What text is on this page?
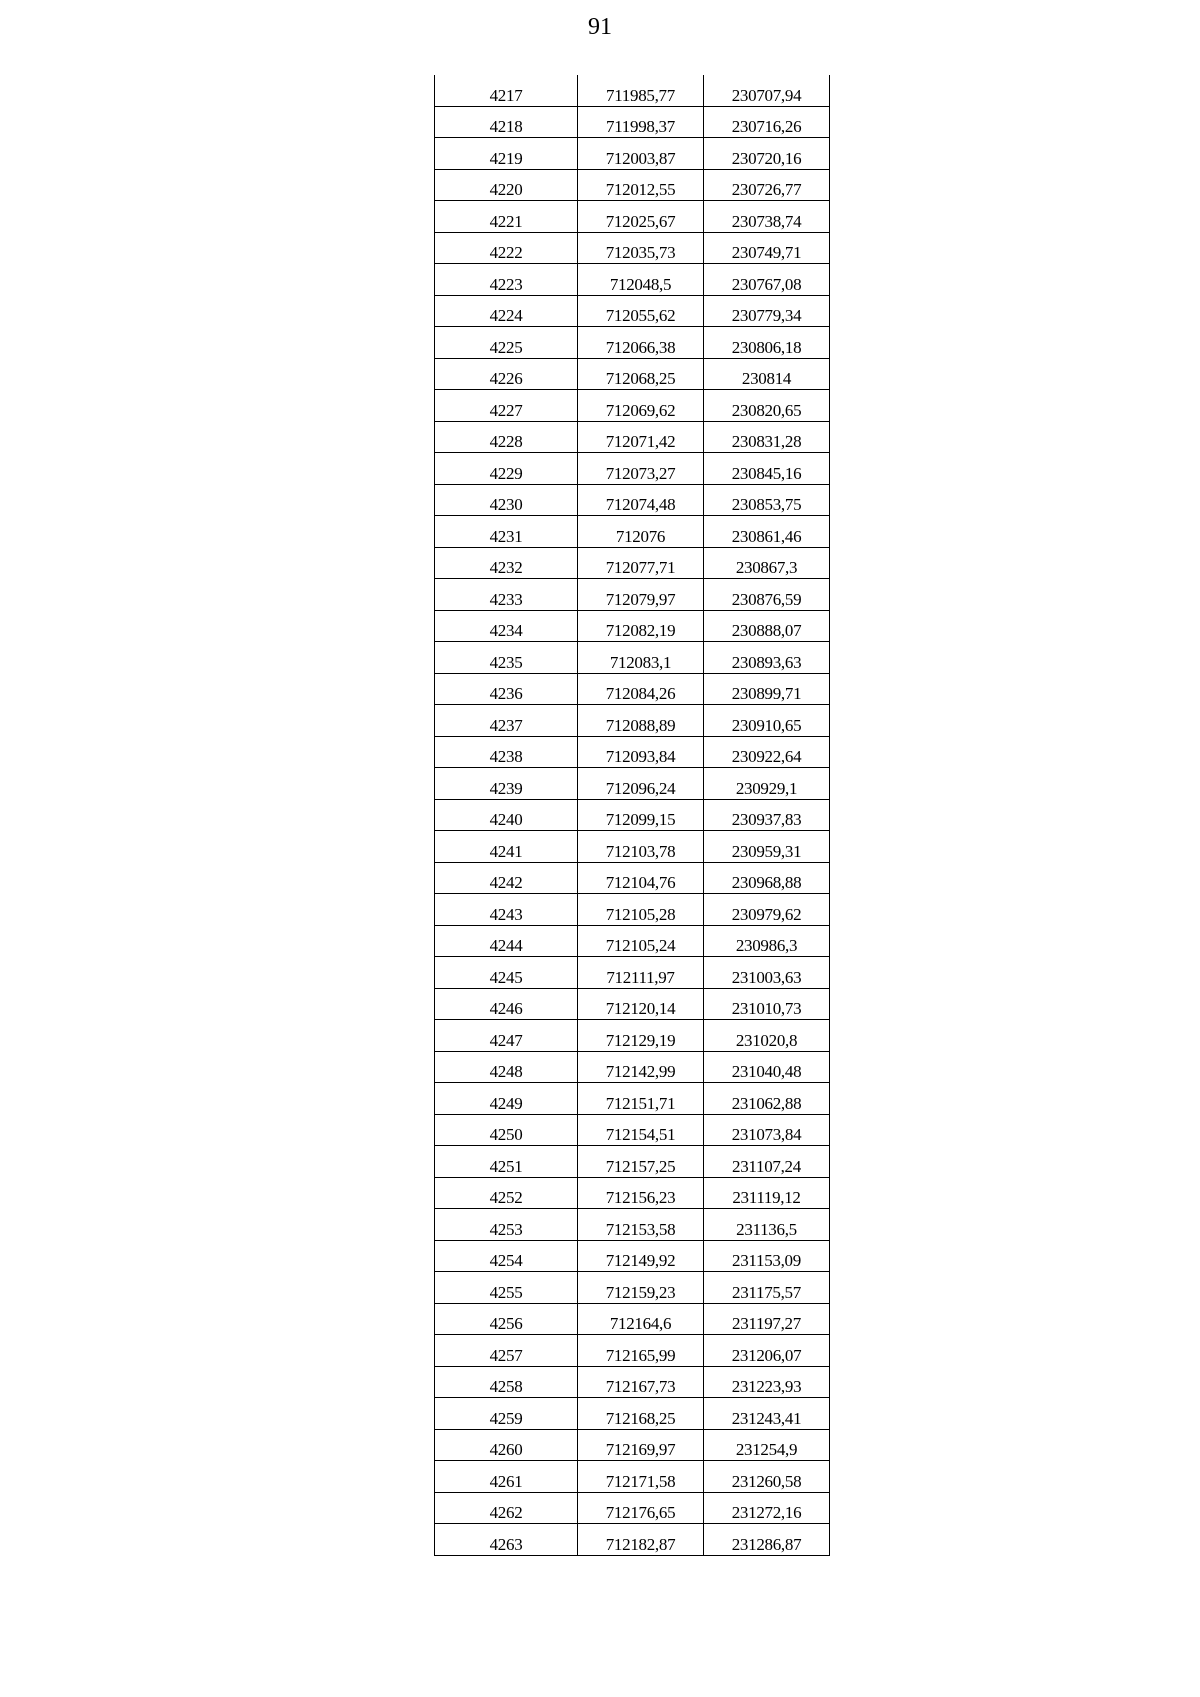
91
4217	711985,77	230707,94
4218	711998,37	230716,26
4219	712003,87	230720,16
4220	712012,55	230726,77
4221	712025,67	230738,74
4222	712035,73	230749,71
4223	712048,5	230767,08
4224	712055,62	230779,34
4225	712066,38	230806,18
4226	712068,25	230814
4227	712069,62	230820,65
4228	712071,42	230831,28
4229	712073,27	230845,16
4230	712074,48	230853,75
4231	712076	230861,46
4232	712077,71	230867,3
4233	712079,97	230876,59
4234	712082,19	230888,07
4235	712083,1	230893,63
4236	712084,26	230899,71
4237	712088,89	230910,65
4238	712093,84	230922,64
4239	712096,24	230929,1
4240	712099,15	230937,83
4241	712103,78	230959,31
4242	712104,76	230968,88
4243	712105,28	230979,62
4244	712105,24	230986,3
4245	712111,97	231003,63
4246	712120,14	231010,73
4247	712129,19	231020,8
4248	712142,99	231040,48
4249	712151,71	231062,88
4250	712154,51	231073,84
4251	712157,25	231107,24
4252	712156,23	231119,12
4253	712153,58	231136,5
4254	712149,92	231153,09
4255	712159,23	231175,57
4256	712164,6	231197,27
4257	712165,99	231206,07
4258	712167,73	231223,93
4259	712168,25	231243,41
4260	712169,97	231254,9
4261	712171,58	231260,58
4262	712176,65	231272,16
4263	712182,87	231286,87
